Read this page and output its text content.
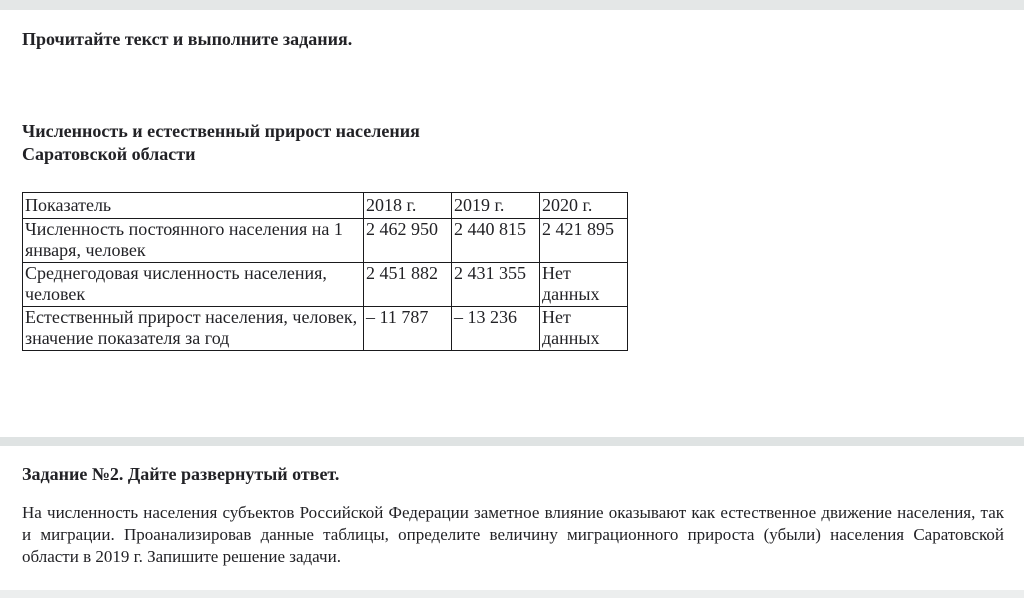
Прочитайте текст и выполните задания.

Численность и естественный прирост населения
Саратовской области

Показатель	2018 г.	2019 г.	2020 г.
Численность постоянного населения на 1 января, человек	2 462 950	2 440 815	2 421 895
Среднегодовая численность населения, человек	2 451 882	2 431 355	Нет данных
Естественный прирост населения, человек, значение показателя за год	– 11 787	– 13 236	Нет данных

Задание №2. Дайте развернутый ответ.

На численность населения субъектов Российской Федерации заметное влияние оказывают как естественное движение населения, так и миграции. Проанализировав данные таблицы, определите величину миграционного прироста (убыли) населения Саратовской области в 2019 г. Запишите решение задачи.
